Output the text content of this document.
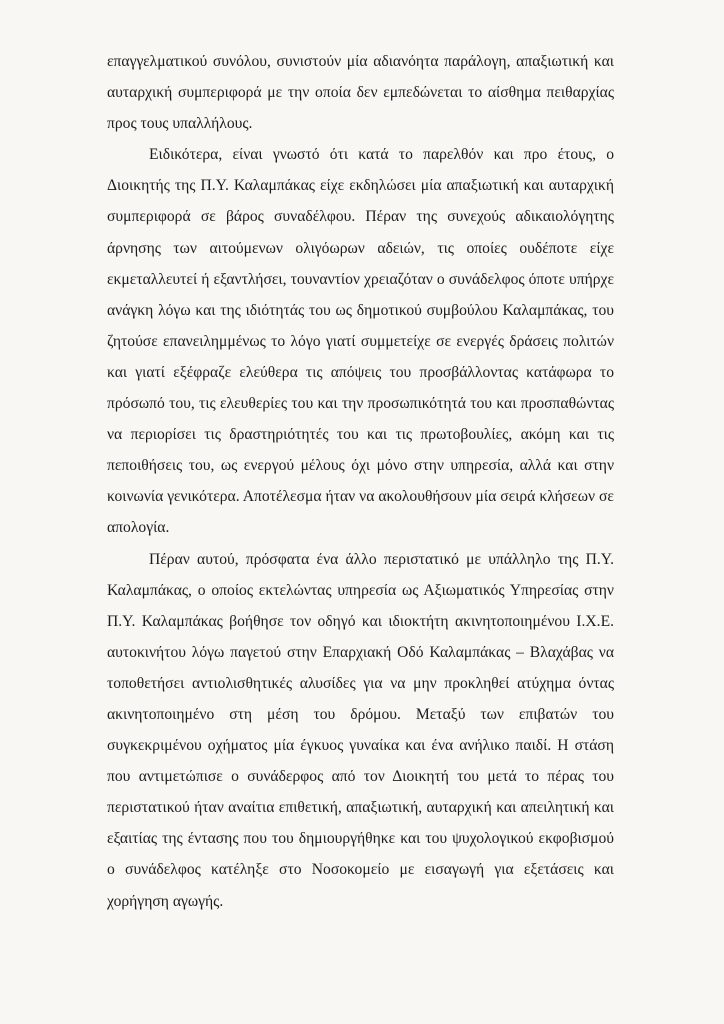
επαγγελματικού συνόλου, συνιστούν μία αδιανόητα παράλογη, απαξιωτική και αυταρχική συμπεριφορά με την οποία δεν εμπεδώνεται το αίσθημα πειθαρχίας προς τους υπαλλήλους.

Ειδικότερα, είναι γνωστό ότι κατά το παρελθόν και προ έτους, ο Διοικητής της Π.Υ. Καλαμπάκας είχε εκδηλώσει μία απαξιωτική και αυταρχική συμπεριφορά σε βάρος συναδέλφου. Πέραν της συνεχούς αδικαιολόγητης άρνησης των αιτούμενων ολιγόωρων αδειών, τις οποίες ουδέποτε είχε εκμεταλλευτεί ή εξαντλήσει, τουναντίον χρειαζόταν ο συνάδελφος όποτε υπήρχε ανάγκη λόγω και της ιδιότητάς του ως δημοτικού συμβούλου Καλαμπάκας, του ζητούσε επανειλημμένως το λόγο γιατί συμμετείχε σε ενεργές δράσεις πολιτών και γιατί εξέφραζε ελεύθερα τις απόψεις του προσβάλλοντας κατάφωρα το πρόσωπό του, τις ελευθερίες του και την προσωπικότητά του και προσπαθώντας να περιορίσει τις δραστηριότητές του και τις πρωτοβουλίες, ακόμη και τις πεποιθήσεις του, ως ενεργού μέλους όχι μόνο στην υπηρεσία, αλλά και στην κοινωνία γενικότερα. Αποτέλεσμα ήταν να ακολουθήσουν μία σειρά κλήσεων σε απολογία.

Πέραν αυτού, πρόσφατα ένα άλλο περιστατικό με υπάλληλο της Π.Υ. Καλαμπάκας, ο οποίος εκτελώντας υπηρεσία ως Αξιωματικός Υπηρεσίας στην Π.Υ. Καλαμπάκας βοήθησε τον οδηγό και ιδιοκτήτη ακινητοποιημένου Ι.Χ.Ε. αυτοκινήτου λόγω παγετού στην Επαρχιακή Οδό Καλαμπάκας – Βλαχάβας να τοποθετήσει αντιολισθητικές αλυσίδες για να μην προκληθεί ατύχημα όντας ακινητοποιημένο στη μέση του δρόμου. Μεταξύ των επιβατών του συγκεκριμένου οχήματος μία έγκυος γυναίκα και ένα ανήλικο παιδί. Η στάση που αντιμετώπισε ο συνάδερφος από τον Διοικητή του μετά το πέρας του περιστατικού ήταν αναίτια επιθετική, απαξιωτική, αυταρχική και απειλητική και εξαιτίας της έντασης που του δημιουργήθηκε και του ψυχολογικού εκφοβισμού ο συνάδελφος κατέληξε στο Νοσοκομείο με εισαγωγή για εξετάσεις και χορήγηση αγωγής.
